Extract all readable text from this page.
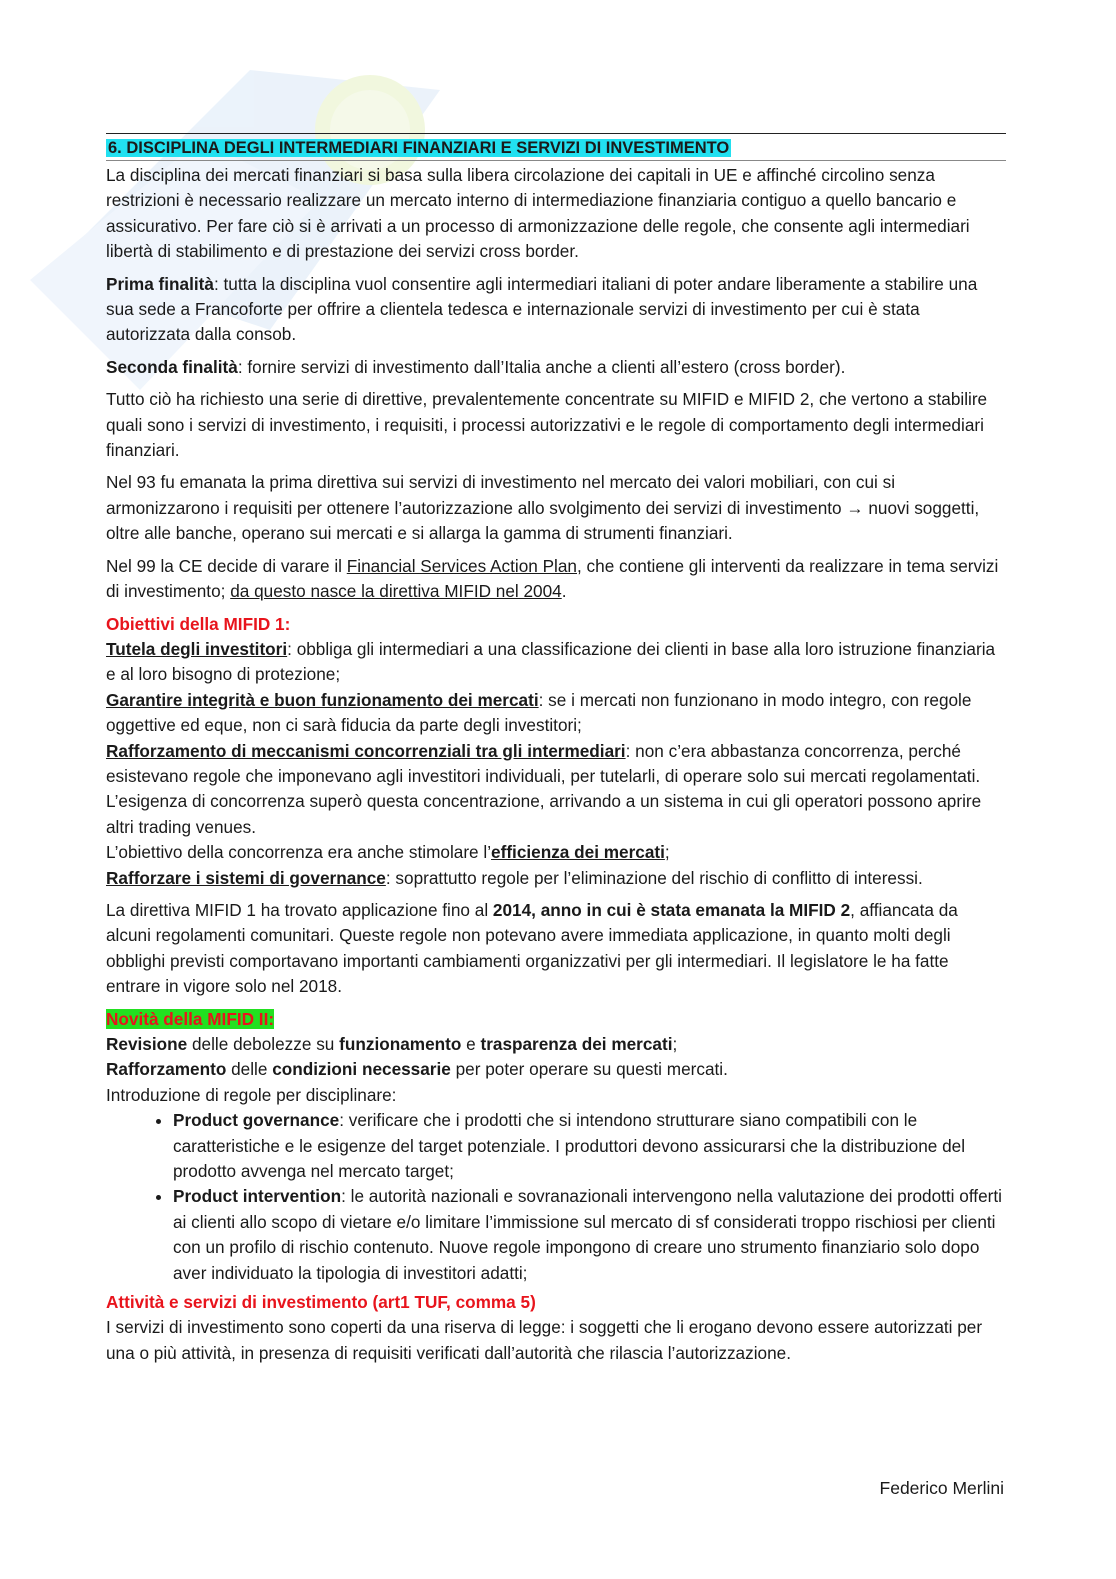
6. DISCIPLINA DEGLI INTERMEDIARI FINANZIARI E SERVIZI DI INVESTIMENTO

La disciplina dei mercati finanziari si basa sulla libera circolazione dei capitali in UE e affinché circolino senza restrizioni è necessario realizzare un mercato interno di intermediazione finanziaria contiguo a quello bancario e assicurativo. Per fare ciò si è arrivati a un processo di armonizzazione delle regole, che consente agli intermediari libertà di stabilimento e di prestazione dei servizi cross border.

Prima finalità: tutta la disciplina vuol consentire agli intermediari italiani di poter andare liberamente a stabilire una sua sede a Francoforte per offrire a clientela tedesca e internazionale servizi di investimento per cui è stata autorizzata dalla consob.

Seconda finalità: fornire servizi di investimento dall’Italia anche a clienti all’estero (cross border).

Tutto ciò ha richiesto una serie di direttive, prevalentemente concentrate su MIFID e MIFID 2, che vertono a stabilire quali sono i servizi di investimento, i requisiti, i processi autorizzativi e le regole di comportamento degli intermediari finanziari.

Nel 93 fu emanata la prima direttiva sui servizi di investimento nel mercato dei valori mobiliari, con cui si armonizzarono i requisiti per ottenere l’autorizzazione allo svolgimento dei servizi di investimento → nuovi soggetti, oltre alle banche, operano sui mercati e si allarga la gamma di strumenti finanziari.

Nel 99 la CE decide di varare il Financial Services Action Plan, che contiene gli interventi da realizzare in tema servizi di investimento; da questo nasce la direttiva MIFID nel 2004.

Obiettivi della MIFID 1:
Tutela degli investitori: obbliga gli intermediari a una classificazione dei clienti in base alla loro istruzione finanziaria e al loro bisogno di protezione;
Garantire integrità e buon funzionamento dei mercati: se i mercati non funzionano in modo integro, con regole oggettive ed eque, non ci sarà fiducia da parte degli investitori;
Rafforzamento di meccanismi concorrenziali tra gli intermediari: non c’era abbastanza concorrenza, perché esistevano regole che imponevano agli investitori individuali, per tutelarli, di operare solo sui mercati regolamentati. L’esigenza di concorrenza superò questa concentrazione, arrivando a un sistema in cui gli operatori possono aprire altri trading venues.
L’obiettivo della concorrenza era anche stimolare l’efficienza dei mercati;
Rafforzare i sistemi di governance: soprattutto regole per l’eliminazione del rischio di conflitto di interessi.

La direttiva MIFID 1 ha trovato applicazione fino al 2014, anno in cui è stata emanata la MIFID 2, affiancata da alcuni regolamenti comunitari. Queste regole non potevano avere immediata applicazione, in quanto molti degli obblighi previsti comportavano importanti cambiamenti organizzativi per gli intermediari. Il legislatore le ha fatte entrare in vigore solo nel 2018.

Novità della MIFID II:
Revisione delle debolezze su funzionamento e trasparenza dei mercati;
Rafforzamento delle condizioni necessarie per poter operare su questi mercati.
Introduzione di regole per disciplinare:
• Product governance: verificare che i prodotti che si intendono strutturare siano compatibili con le caratteristiche e le esigenze del target potenziale. I produttori devono assicurarsi che la distribuzione del prodotto avvenga nel mercato target;
• Product intervention: le autorità nazionali e sovranazionali intervengono nella valutazione dei prodotti offerti ai clienti allo scopo di vietare e/o limitare l’immissione sul mercato di sf considerati troppo rischiosi per clienti con un profilo di rischio contenuto. Nuove regole impongono di creare uno strumento finanziario solo dopo aver individuato la tipologia di investitori adatti;
Attività e servizi di investimento (art1 TUF, comma 5)
I servizi di investimento sono coperti da una riserva di legge: i soggetti che li erogano devono essere autorizzati per una o più attività, in presenza di requisiti verificati dall’autorità che rilascia l’autorizzazione.
Federico Merlini
